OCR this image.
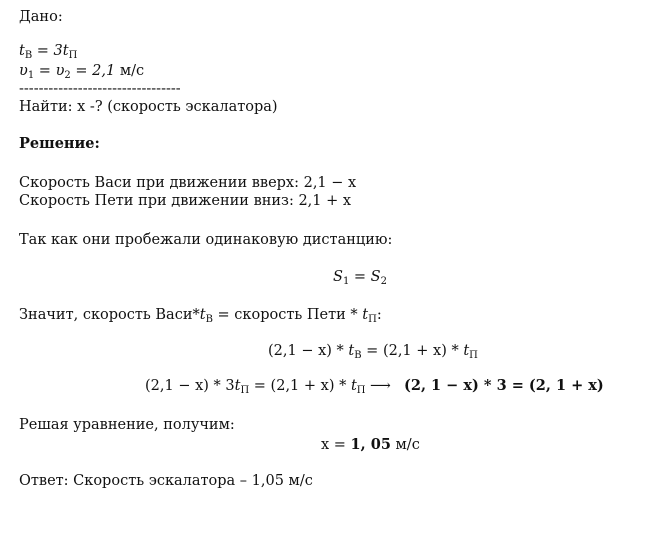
Дано:
$t_В = 3t_П$
$\upsilon_1 = \upsilon_2 = 2,1$ м/с
---------------------------------
Найти: x -? (скорость эскалатора)
Решение:
Скорость Васи при движении вверх: 2,1 − x
Скорость Пети при движении вниз: 2,1 + x
Так как они пробежали одинаковую дистанцию:
$S_1 = S_2$
Значит, скорость $Васи*t_В$ = скорость Пети * $t_П$:
$(2,1 - x) * t_В = (2,1 + x) * t_П$
$(2,1 - x) * 3t_П = (2,1 + x) * t_П$ ⟶ (2, 1 − x) * 3 = (2, 1 + x)
Решая уравнение, получим:
x = 1, 05 м/с
Ответ: Скорость эскалатора – 1,05 м/с
